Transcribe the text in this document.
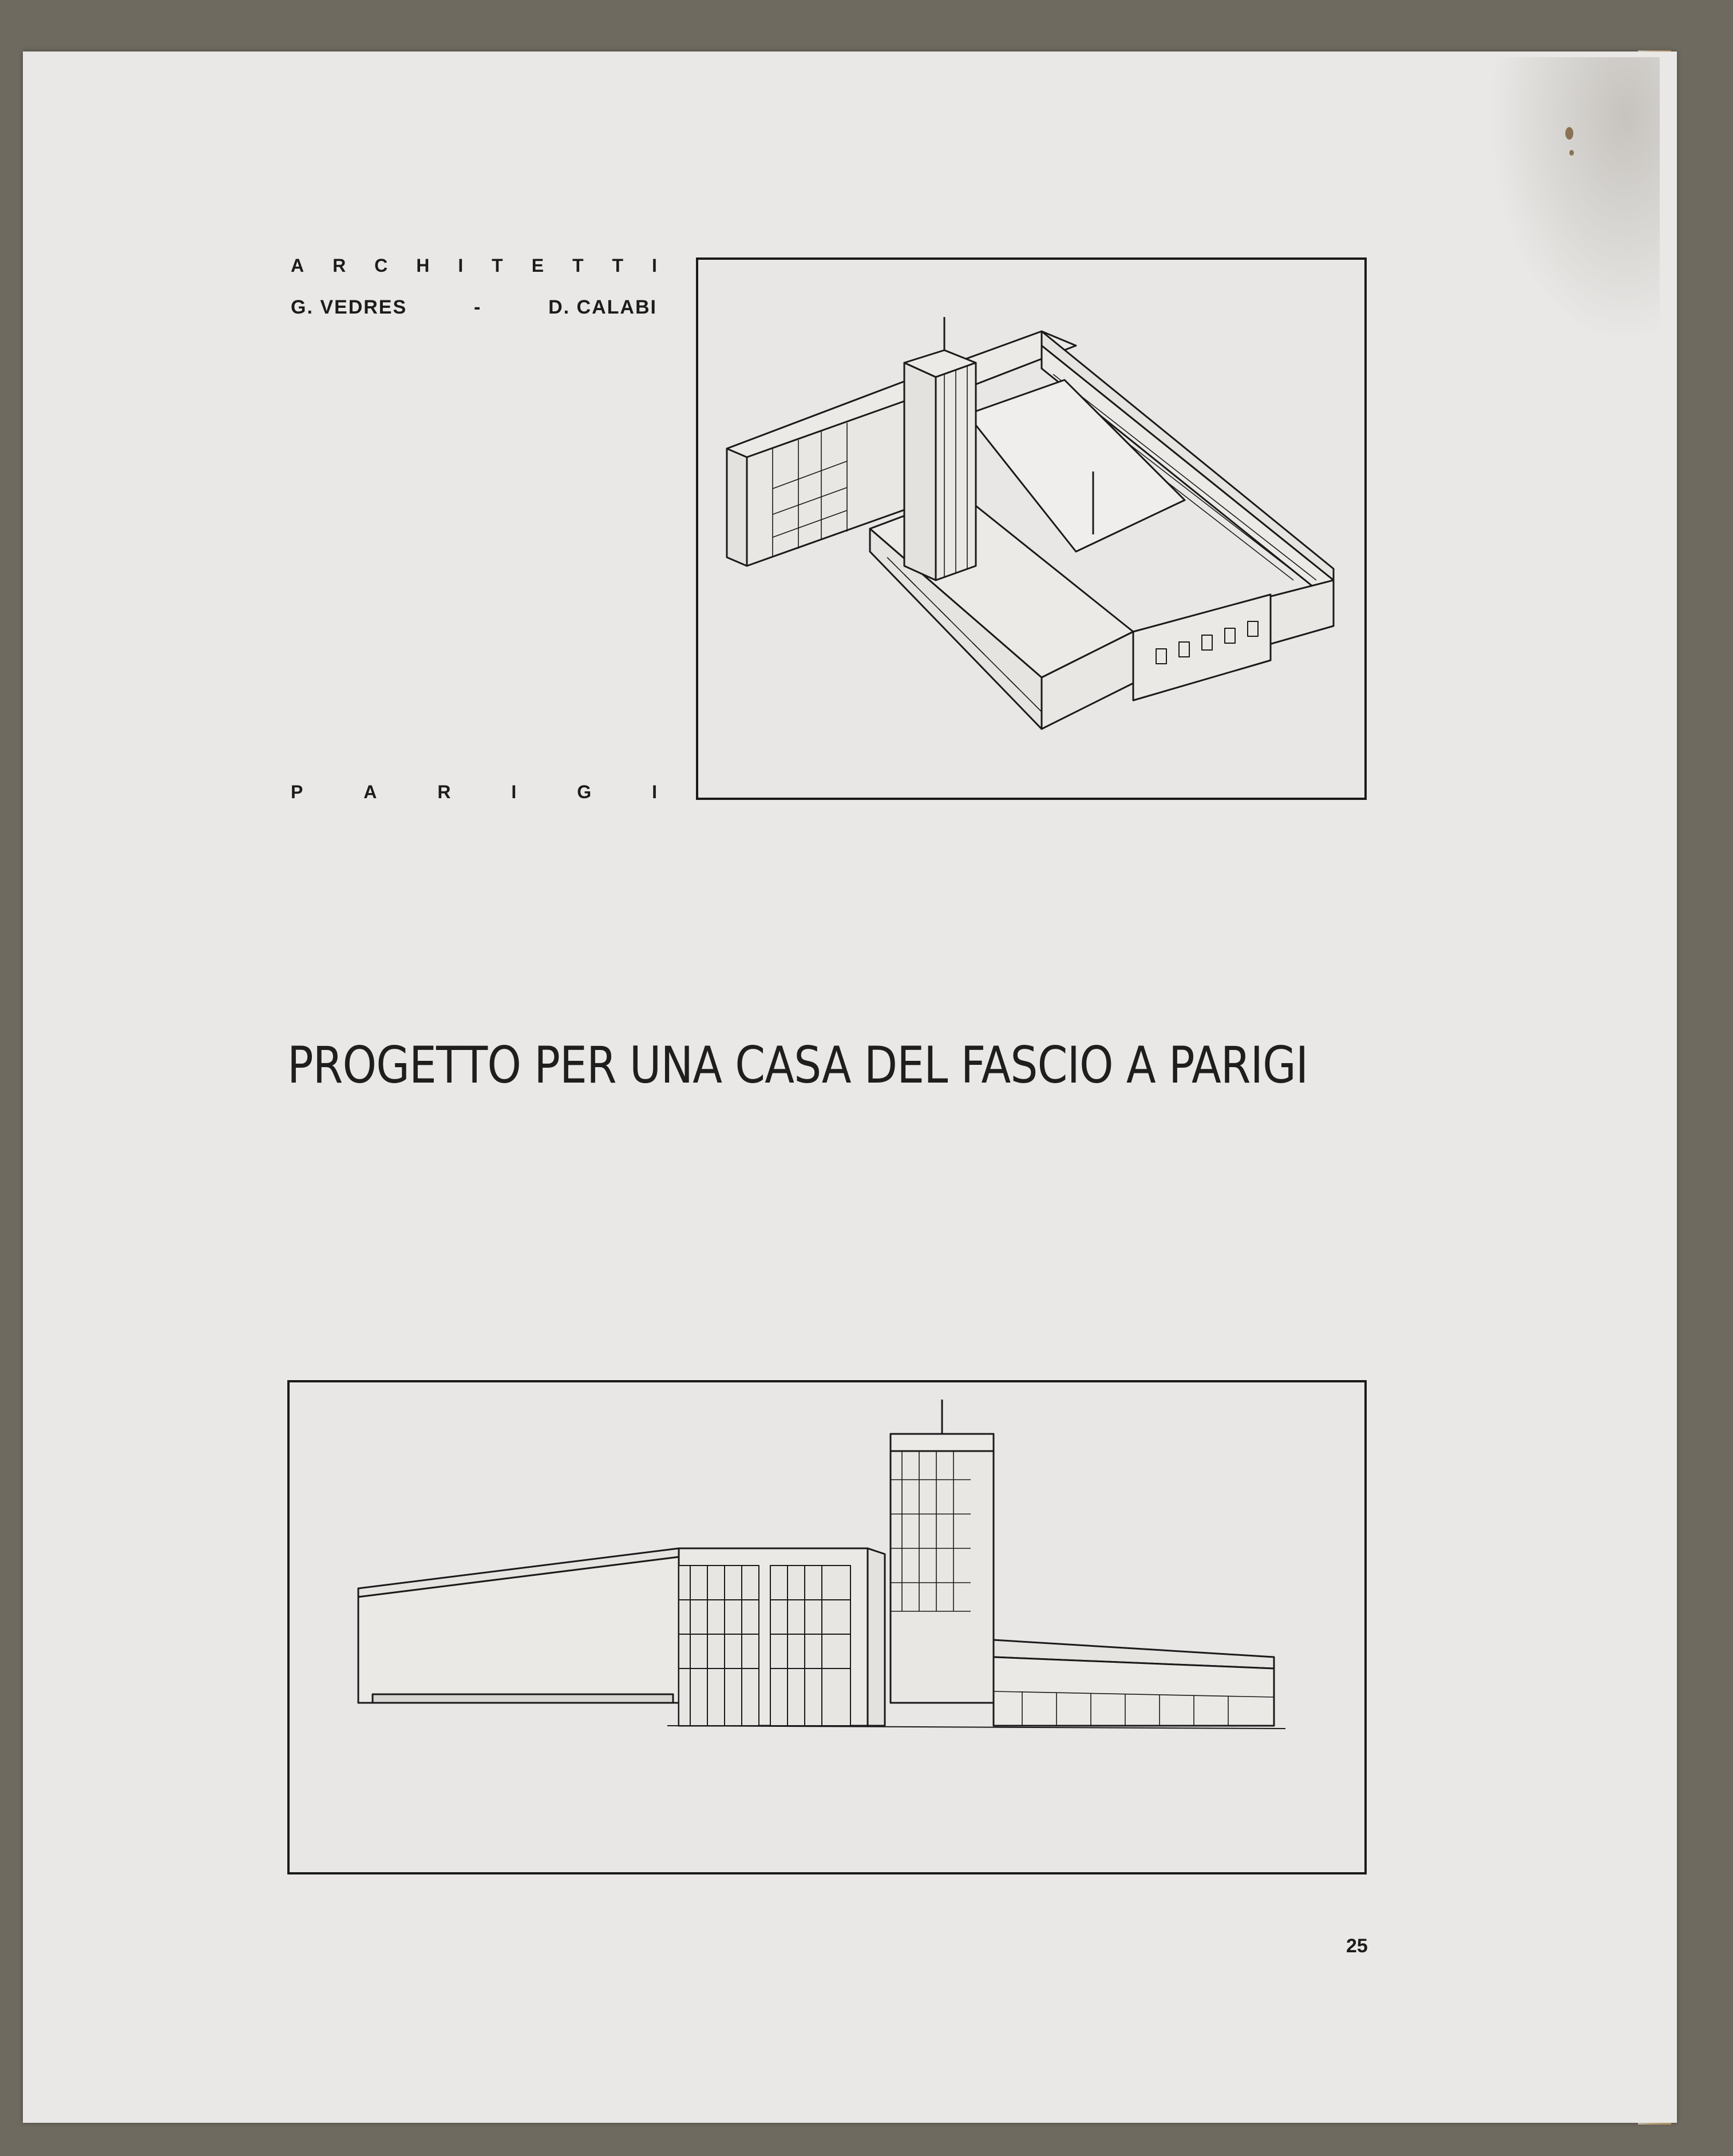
A R C H I T E T T I
G. VEDRES	-	D. CALABI
P	A	R	I	G	I
PROGETTO PER UNA CASA DEL FASCIO A PARIGI
25
